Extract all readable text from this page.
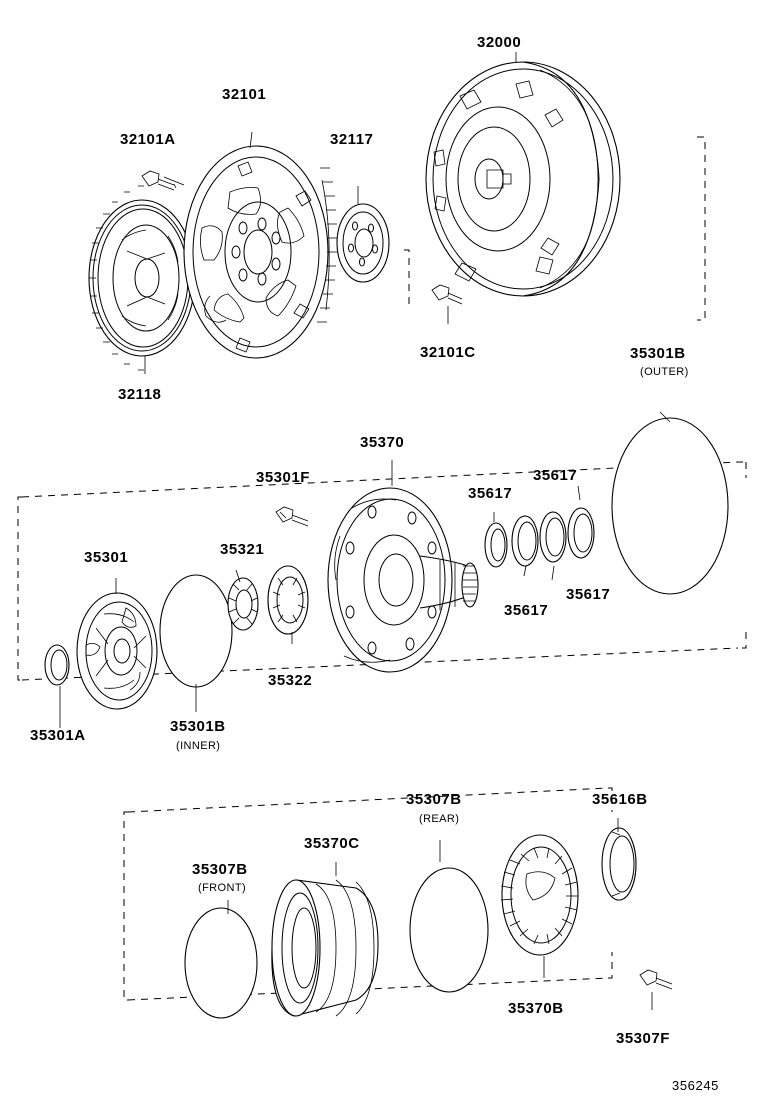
32000
32101
32101A	32117
32101C
32118
35301B
(OUTER)
35370
35301F	35617
35617
35617
35617
35301	35321
35322
35301A
35301B
(INNER)
35307B
(REAR)
35616B
35370C
35307B
(FRONT)
35370B
35307F
356245
